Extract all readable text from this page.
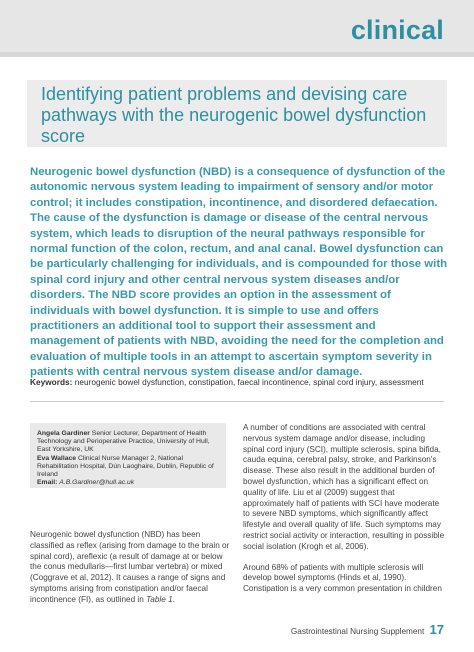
clinical
Identifying patient problems and devising care pathways with the neurogenic bowel dysfunction score

Neurogenic bowel dysfunction (NBD) is a consequence of dysfunction of the autonomic nervous system leading to impairment of sensory and/or motor control; it includes constipation, incontinence, and disordered defaecation. The cause of the dysfunction is damage or disease of the central nervous system, which leads to disruption of the neural pathways responsible for normal function of the colon, rectum, and anal canal. Bowel dysfunction can be particularly challenging for individuals, and is compounded for those with spinal cord injury and other central nervous system diseases and/or disorders. The NBD score provides an option in the assessment of individuals with bowel dysfunction. It is simple to use and offers practitioners an additional tool to support their assessment and management of patients with NBD, avoiding the need for the completion and evaluation of multiple tools in an attempt to ascertain symptom severity in patients with central nervous system disease and/or damage.

Keywords: neurogenic bowel dysfunction, constipation, faecal incontinence, spinal cord injury, assessment

Angela Gardiner Senior Lecturer, Department of Health Technology and Perioperative Practice, University of Hull, East Yorkshire, UK
Eva Wallace Clinical Nurse Manager 2, National Rehabilitation Hospital, Dún Laoghaire, Dublin, Republic of Ireland
Email: A.B.Gardiner@hull.ac.uk

Neurogenic bowel dysfunction (NBD) has been classified as reflex (arising from damage to the brain or spinal cord), areflexic (a result of damage at or below the conus medullaris—first lumbar vertebra) or mixed (Coggrave et al, 2012). It causes a range of signs and symptoms arising from constipation and/or faecal incontinence (FI), as outlined in Table 1.

A number of conditions are associated with central nervous system damage and/or disease, including spinal cord injury (SCI), multiple sclerosis, spina bifida, cauda equina, cerebral palsy, stroke, and Parkinson's disease. These also result in the additional burden of bowel dysfunction, which has a significant effect on quality of life. Liu et al (2009) suggest that approximately half of patients with SCI have moderate to severe NBD symptoms, which significantly affect lifestyle and overall quality of life. Such symptoms may restrict social activity or interaction, resulting in possible social isolation (Krogh et al, 2006).

Around 68% of patients with multiple sclerosis will develop bowel symptoms (Hinds et al, 1990). Constipation is a very common presentation in children

Gastrointestinal Nursing Supplement 17
